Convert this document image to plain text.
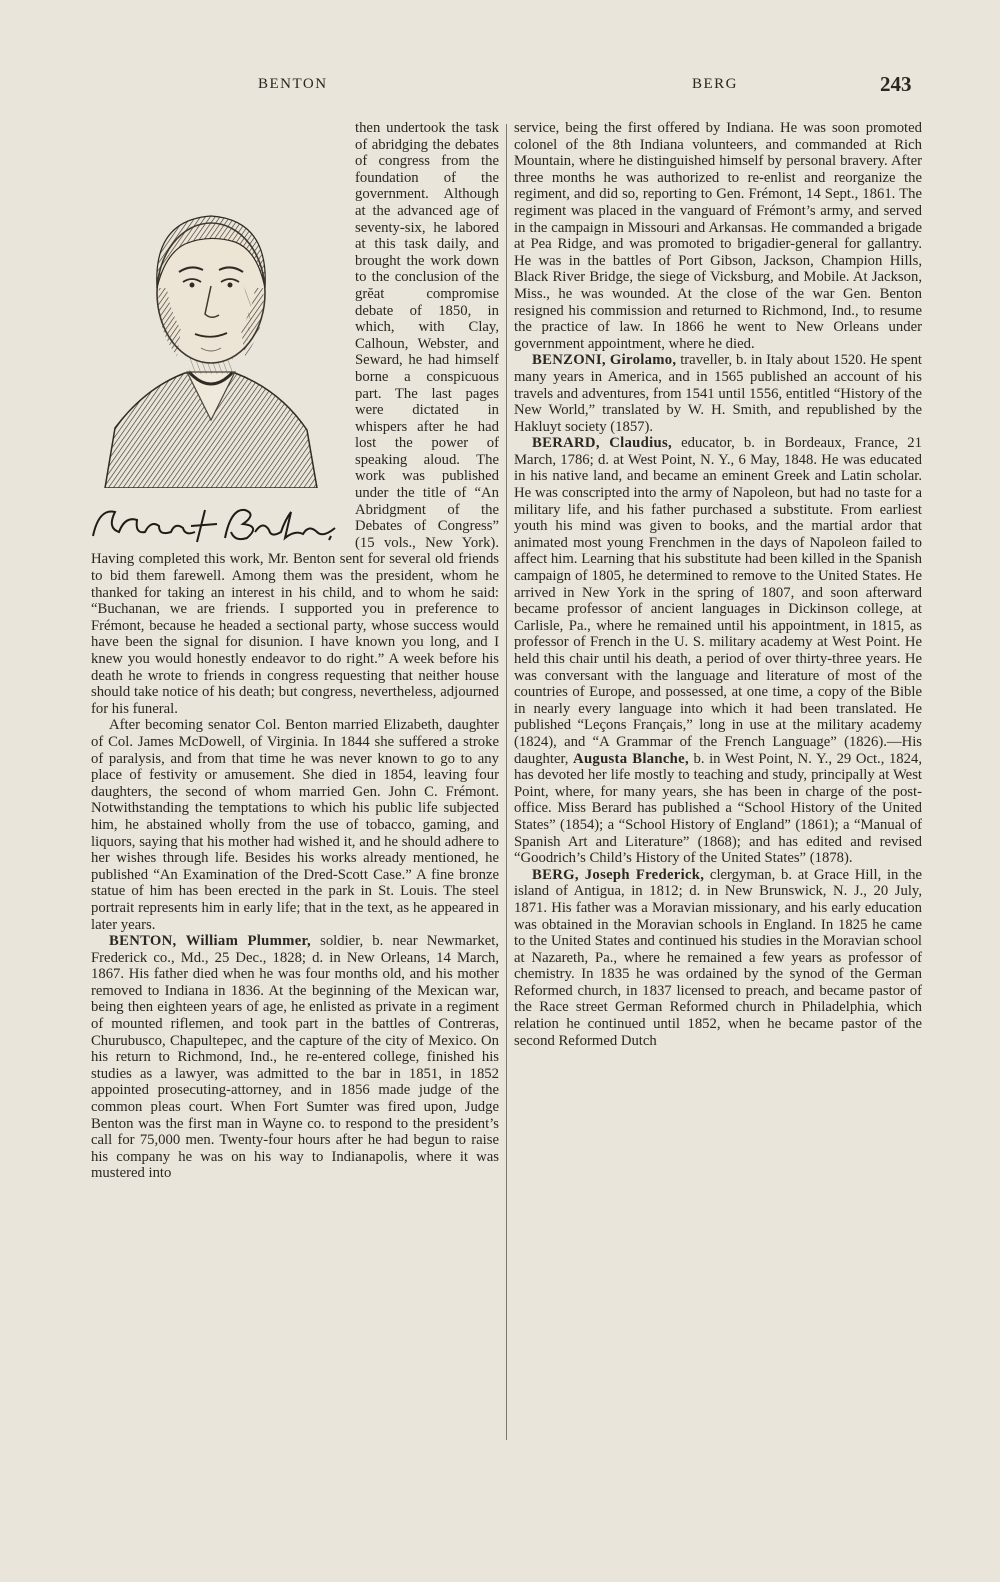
BENTON	BERG	243

then undertook the task of abridging the debates of congress from the foundation of the government. Although at the advanced age of seventy-six, he labored at this task daily, and brought the work down to the conclusion of the grĕat compromise debate of 1850, in which, with Clay, Calhoun, Webster, and Seward, he had himself borne a conspicuous part. The last pages were dictated in whispers after he had lost the power of speaking aloud. The work was published under the title of “An Abridgment of the Debates of Congress” (15 vols., New York). Having completed this work, Mr. Benton sent for several old friends to bid them farewell. Among them was the president, whom he thanked for taking an interest in his child, and to whom he said: “Buchanan, we are friends. I supported you in preference to Frémont, because he headed a sectional party, whose success would have been the signal for disunion. I have known you long, and I knew you would honestly endeavor to do right.” A week before his death he wrote to friends in congress requesting that neither house should take notice of his death; but congress, nevertheless, adjourned for his funeral.

After becoming senator Col. Benton married Elizabeth, daughter of Col. James McDowell, of Virginia. In 1844 she suffered a stroke of paralysis, and from that time he was never known to go to any place of festivity or amusement. She died in 1854, leaving four daughters, the second of whom married Gen. John C. Frémont. Notwithstanding the temptations to which his public life subjected him, he abstained wholly from the use of tobacco, gaming, and liquors, saying that his mother had wished it, and he should adhere to her wishes through life. Besides his works already mentioned, he published “An Examination of the Dred-Scott Case.” A fine bronze statue of him has been erected in the park in St. Louis. The steel portrait represents him in early life; that in the text, as he appeared in later years.

BENTON, William Plummer, soldier, b. near Newmarket, Frederick co., Md., 25 Dec., 1828; d. in New Orleans, 14 March, 1867. His father died when he was four months old, and his mother removed to Indiana in 1836. At the beginning of the Mexican war, being then eighteen years of age, he enlisted as private in a regiment of mounted riflemen, and took part in the battles of Contreras, Churubusco, Chapultepec, and the capture of the city of Mexico. On his return to Richmond, Ind., he re-entered college, finished his studies as a lawyer, was admitted to the bar in 1851, in 1852 appointed prosecuting-attorney, and in 1856 made judge of the common pleas court. When Fort Sumter was fired upon, Judge Benton was the first man in Wayne co. to respond to the president’s call for 75,000 men. Twenty-four hours after he had begun to raise his company he was on his way to Indianapolis, where it was mustered into

service, being the first offered by Indiana. He was soon promoted colonel of the 8th Indiana volunteers, and commanded at Rich Mountain, where he distinguished himself by personal bravery. After three months he was authorized to re-enlist and reorganize the regiment, and did so, reporting to Gen. Frémont, 14 Sept., 1861. The regiment was placed in the vanguard of Frémont’s army, and served in the campaign in Missouri and Arkansas. He commanded a brigade at Pea Ridge, and was promoted to brigadier-general for gallantry. He was in the battles of Port Gibson, Jackson, Champion Hills, Black River Bridge, the siege of Vicksburg, and Mobile. At Jackson, Miss., he was wounded. At the close of the war Gen. Benton resigned his commission and returned to Richmond, Ind., to resume the practice of law. In 1866 he went to New Orleans under government appointment, where he died.

BENZONI, Girolamo, traveller, b. in Italy about 1520. He spent many years in America, and in 1565 published an account of his travels and adventures, from 1541 until 1556, entitled “History of the New World,” translated by W. H. Smith, and republished by the Hakluyt society (1857).

BERARD, Claudius, educator, b. in Bordeaux, France, 21 March, 1786; d. at West Point, N. Y., 6 May, 1848. He was educated in his native land, and became an eminent Greek and Latin scholar. He was conscripted into the army of Napoleon, but had no taste for a military life, and his father purchased a substitute. From earliest youth his mind was given to books, and the martial ardor that animated most young Frenchmen in the days of Napoleon failed to affect him. Learning that his substitute had been killed in the Spanish campaign of 1805, he determined to remove to the United States. He arrived in New York in the spring of 1807, and soon afterward became professor of ancient languages in Dickinson college, at Carlisle, Pa., where he remained until his appointment, in 1815, as professor of French in the U. S. military academy at West Point. He held this chair until his death, a period of over thirty-three years. He was conversant with the language and literature of most of the countries of Europe, and possessed, at one time, a copy of the Bible in nearly every language into which it had been translated. He published “Leçons Français,” long in use at the military academy (1824), and “A Grammar of the French Language” (1826).—His daughter, Augusta Blanche, b. in West Point, N. Y., 29 Oct., 1824, has devoted her life mostly to teaching and study, principally at West Point, where, for many years, she has been in charge of the post-office. Miss Berard has published a “School History of the United States” (1854); a “School History of England” (1861); a “Manual of Spanish Art and Literature” (1868); and has edited and revised “Goodrich’s Child’s History of the United States” (1878).

BERG, Joseph Frederick, clergyman, b. at Grace Hill, in the island of Antigua, in 1812; d. in New Brunswick, N. J., 20 July, 1871. His father was a Moravian missionary, and his early education was obtained in the Moravian schools in England. In 1825 he came to the United States and continued his studies in the Moravian school at Nazareth, Pa., where he remained a few years as professor of chemistry. In 1835 he was ordained by the synod of the German Reformed church, in 1837 licensed to preach, and became pastor of the Race street German Reformed church in Philadelphia, which relation he continued until 1852, when he became pastor of the second Reformed Dutch
